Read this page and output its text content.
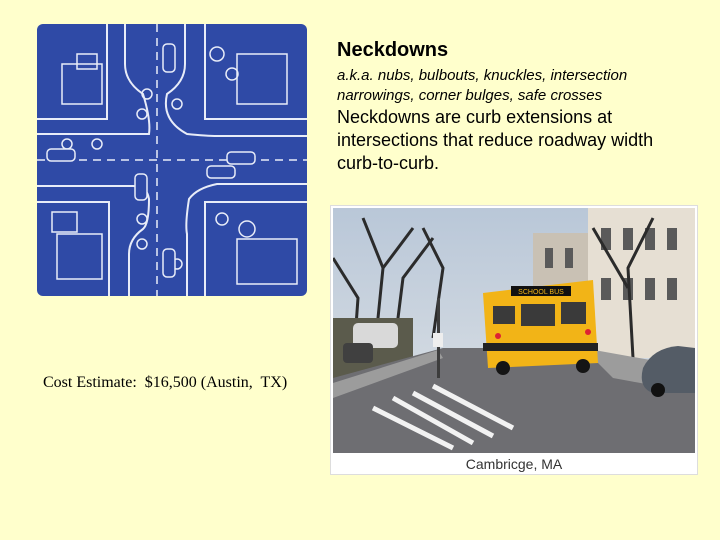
Neckdowns
a.k.a. nubs, bulbouts, knuckles, intersection narrowings, corner bulges, safe crosses
Neckdowns are curb extensions at intersections that reduce roadway width curb-to-curb.
Cost Estimate:  $16,500 (Austin,  TX)
SCHOOL BUS
Cambricge, MA
